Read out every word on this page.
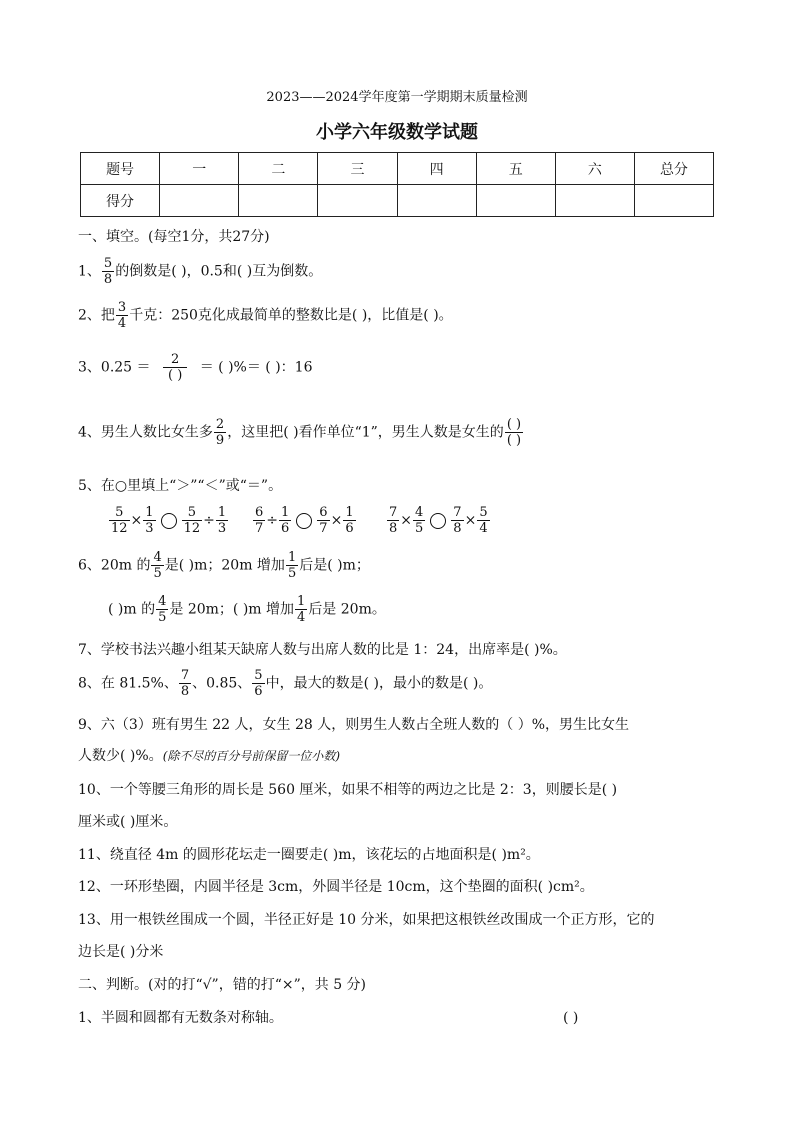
2023——2024学年度第一学期期末质量检测
小学六年级数学试题
题号	一	二	三	四	五	六	总分
得分							
一、填空。(每空1分，共27分)
1、 $\frac{5}{8}$ 的倒数是( )，0.5和( )互为倒数。
2、把 $\frac{3}{4}$ 千克：250克化成最简单的整数比是( )，比值是( )。
3、$0.25 = \frac{2}{( )}$ ＝ ( )%＝ ( )：16
4、男生人数比女生多 $\frac{2}{9}$ ，这里把( )看作单位“1”，男生人数是女生的 $\frac{( )}{( )}$
5、在○里填上“＞”“＜”或“＝”。
$\frac{5}{12} \times \frac{1}{3} \frac{5}{12} \div \frac{1}{3} \frac{6}{7} \div \frac{1}{6} \frac{6}{7} \times \frac{1}{6} \frac{7}{8} \times \frac{4}{5} \frac{7}{8} \times \frac{5}{4}$
6、20m 的 $\frac{4}{5}$ 是( )m；20m 增加 $\frac{1}{5}$ 后是( )m；
( )m 的 $\frac{4}{5}$ 是 20m；( )m 增加 $\frac{1}{4}$ 后是 20m。
7、学校书法兴趣小组某天缺席人数与出席人数的比是 1：24，出席率是( )%。
8、在 81.5%、 $\frac{7}{8}$ 、0.85、 $\frac{5}{6}$ 中，最大的数是( )，最小的数是( )。
9、六（3）班有男生 22 人，女生 28 人，则男生人数占全班人数的（ ）%，男生比女生
人数少( )%。(除不尽的百分号前保留一位小数)
10、一个等腰三角形的周长是 560 厘米，如果不相等的两边之比是 2：3，则腰长是( )
厘米或( )厘米。
11、绕直径 4m 的圆形花坛走一圈要走( )m，该花坛的占地面积是( )m²。
12、一环形垫圈，内圆半径是 3cm，外圆半径是 10cm，这个垫圈的面积( )cm²。
13、用一根铁丝围成一个圆，半径正好是 10 分米，如果把这根铁丝改围成一个正方形，它的
边长是( )分米
二、判断。(对的打“√”，错的打“×”，共 5 分)
1、半圆和圆都有无数条对称轴。	( )
